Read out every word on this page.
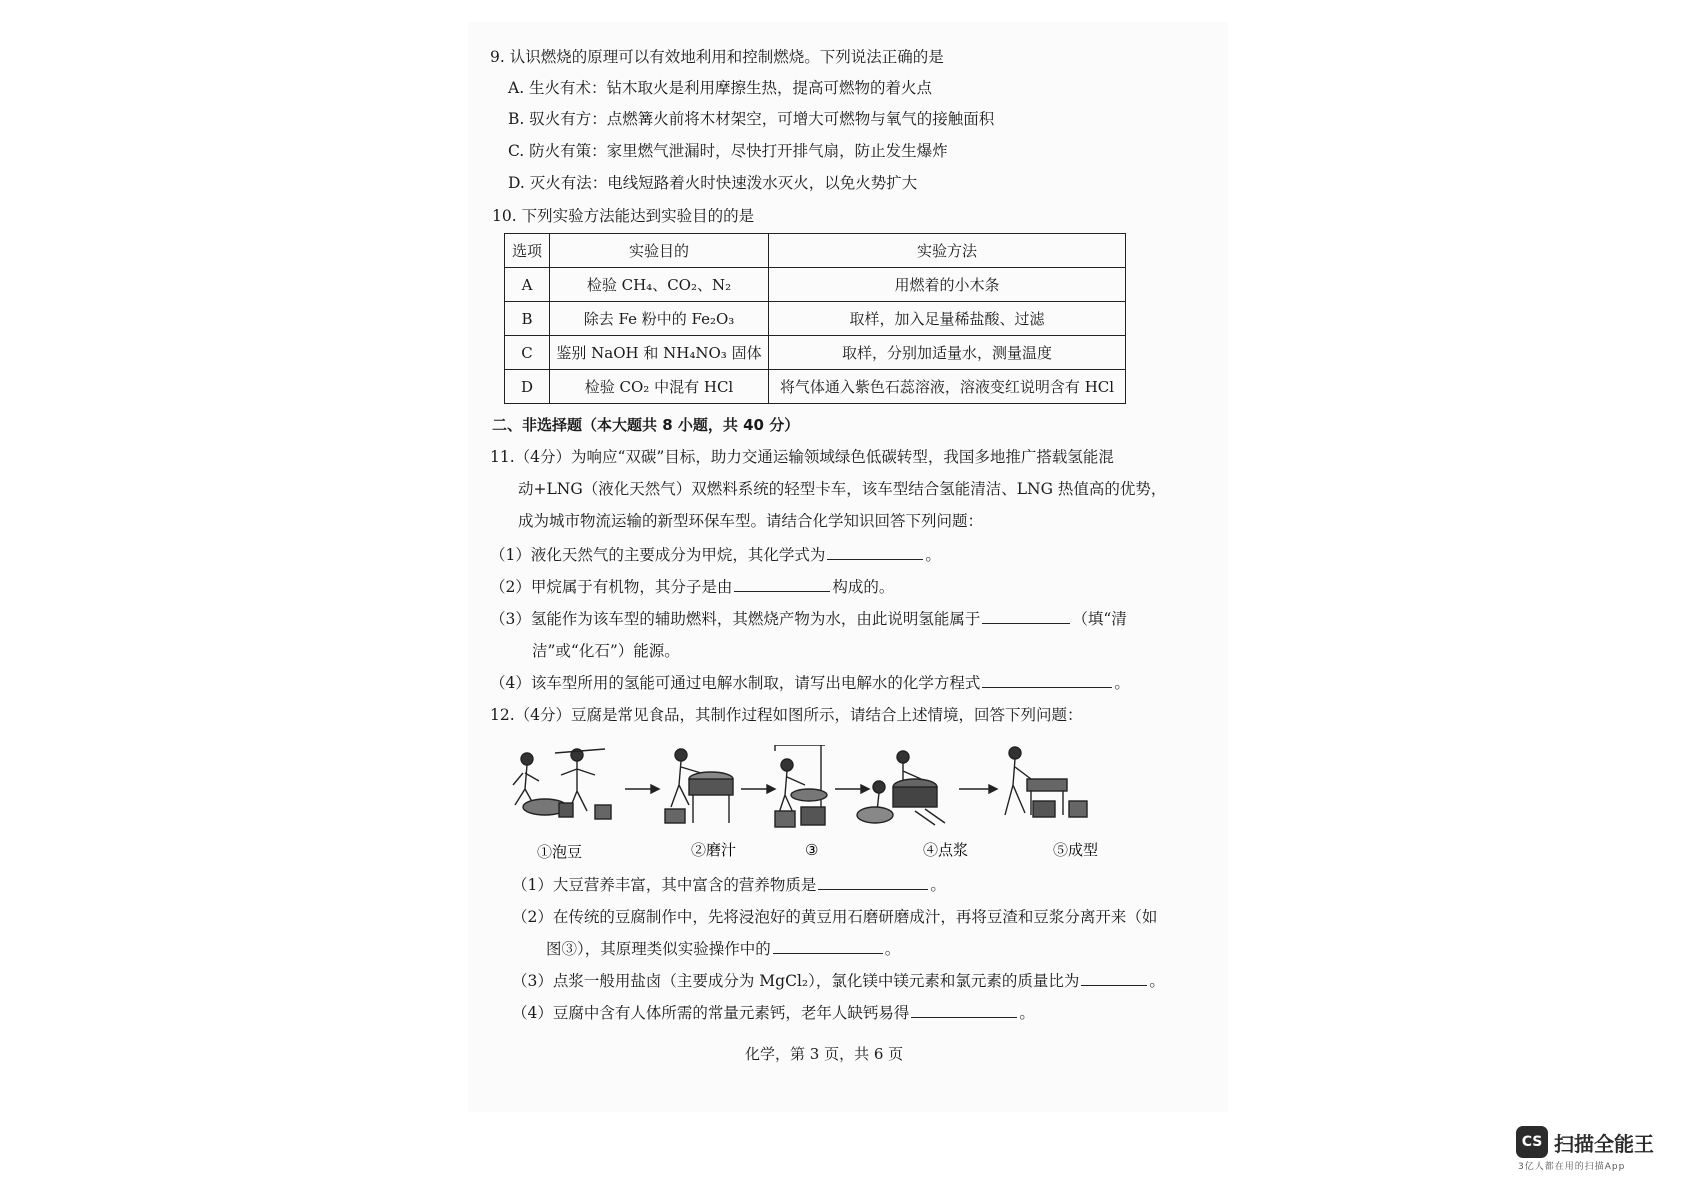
9. 认识燃烧的原理可以有效地利用和控制燃烧。下列说法正确的是
A. 生火有术：钻木取火是利用摩擦生热，提高可燃物的着火点
B. 驭火有方：点燃篝火前将木材架空，可增大可燃物与氧气的接触面积
C. 防火有策：家里燃气泄漏时，尽快打开排气扇，防止发生爆炸
D. 灭火有法：电线短路着火时快速泼水灭火，以免火势扩大
10. 下列实验方法能达到实验目的的是
选项	实验目的	实验方法
A	检验 CH₄、CO₂、N₂	用燃着的小木条
B	除去 Fe 粉中的 Fe₂O₃	取样，加入足量稀盐酸、过滤
C	鉴别 NaOH 和 NH₄NO₃ 固体	取样，分别加适量水，测量温度
D	检验 CO₂ 中混有 HCl	将气体通入紫色石蕊溶液，溶液变红说明含有 HCl
二、非选择题（本大题共 8 小题，共 40 分）
11.（4分）为响应“双碳”目标，助力交通运输领域绿色低碳转型，我国多地推广搭载氢能混
动+LNG（液化天然气）双燃料系统的轻型卡车，该车型结合氢能清洁、LNG 热值高的优势，
成为城市物流运输的新型环保车型。请结合化学知识回答下列问题：
（1）液化天然气的主要成分为甲烷，其化学式为	。
（2）甲烷属于有机物，其分子是由	构成的。
（3）氢能作为该车型的辅助燃料，其燃烧产物为水，由此说明氢能属于	（填“清
洁”或“化石”）能源。
（4）该车型所用的氢能可通过电解水制取，请写出电解水的化学方程式	。
12.（4分）豆腐是常见食品，其制作过程如图所示，请结合上述情境，回答下列问题：
①泡豆	②磨汁	③	④点浆	⑤成型
（1）大豆营养丰富，其中富含的营养物质是	。
（2）在传统的豆腐制作中，先将浸泡好的黄豆用石磨研磨成汁，再将豆渣和豆浆分离开来（如
图③），其原理类似实验操作中的	。
（3）点浆一般用盐卤（主要成分为 MgCl₂），氯化镁中镁元素和氯元素的质量比为	。
（4）豆腐中含有人体所需的常量元素钙，老年人缺钙易得	。
化学，第 3 页，共 6 页
CS 扫描全能王
3亿人都在用的扫描App
